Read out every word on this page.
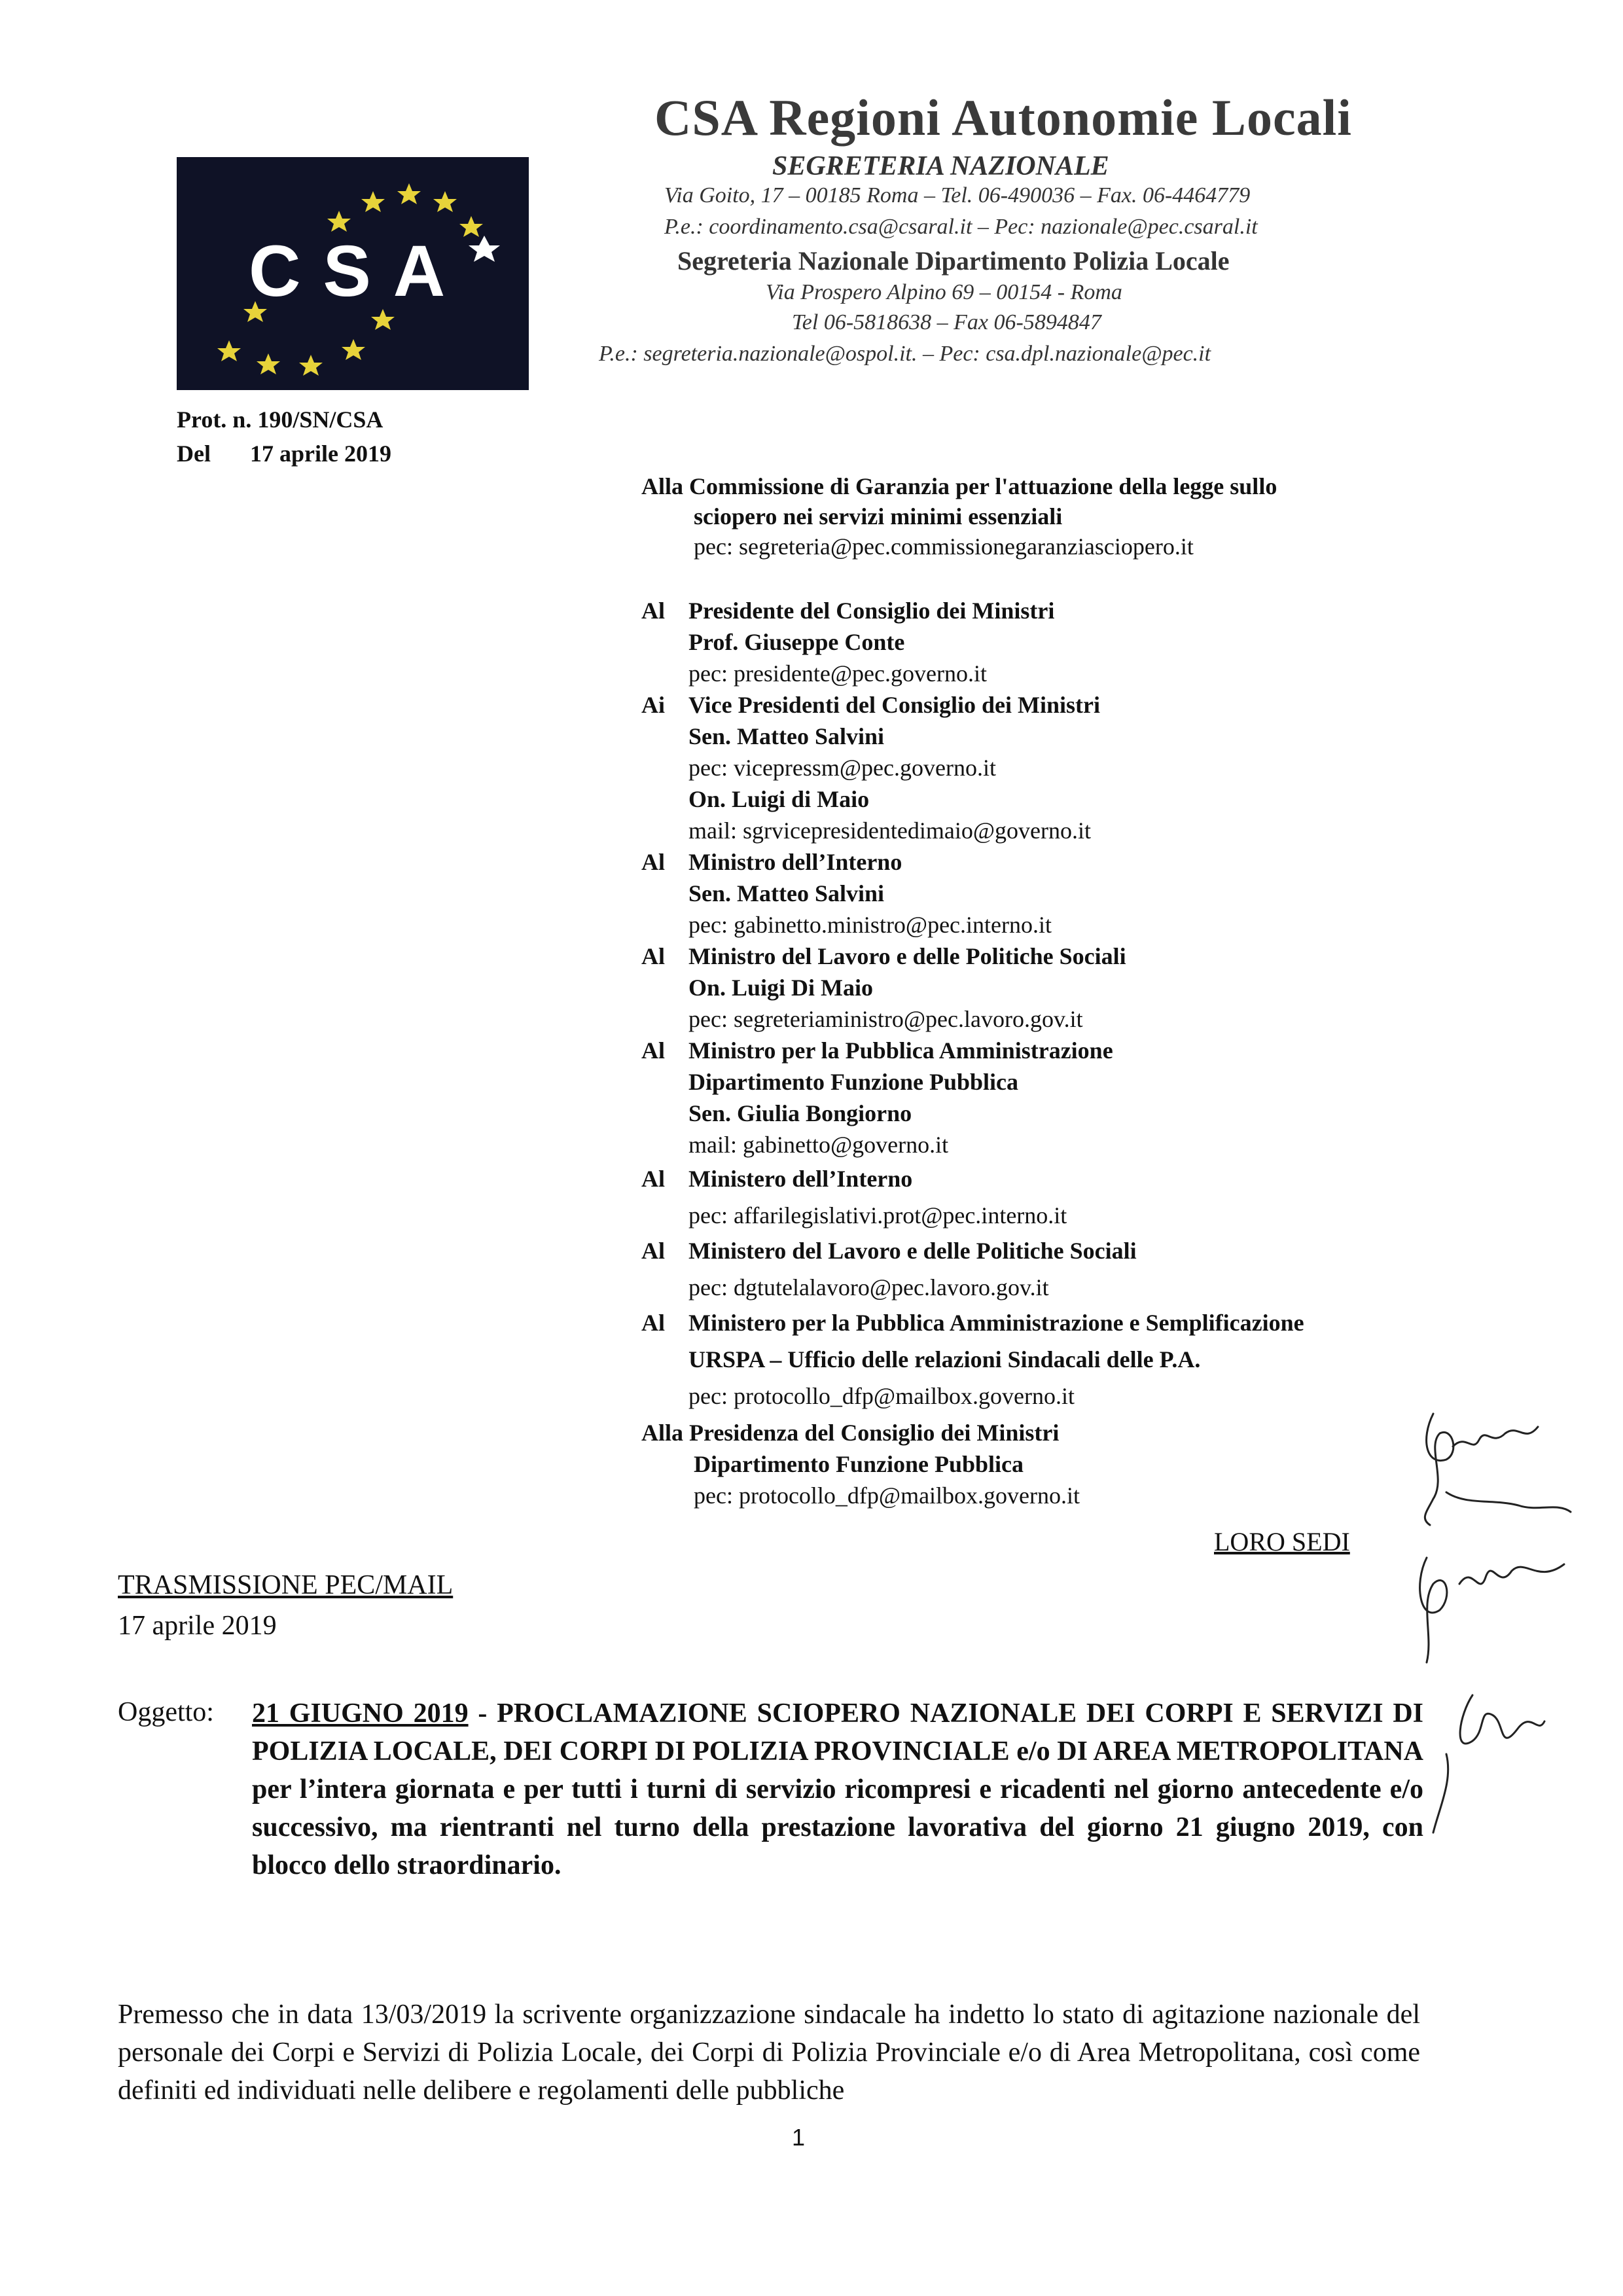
CSA
CSA Regioni Autonomie Locali
SEGRETERIA NAZIONALE
Via Goito, 17 – 00185 Roma – Tel. 06-490036 – Fax. 06-4464779
P.e.: coordinamento.csa@csaral.it – Pec: nazionale@pec.csaral.it
Segreteria Nazionale Dipartimento Polizia Locale
Via Prospero Alpino 69 – 00154 - Roma
Tel 06-5818638 – Fax 06-5894847
P.e.: segreteria.nazionale@ospol.it. – Pec: csa.dpl.nazionale@pec.it
Prot. n. 190/SN/CSA
Del 17 aprile 2019
Alla Commissione di Garanzia per l'attuazione della legge sullo
sciopero nei servizi minimi essenziali
pec: segreteria@pec.commissionegaranziasciopero.it
Al Presidente del Consiglio dei Ministri
Prof. Giuseppe Conte
pec: presidente@pec.governo.it
Ai Vice Presidenti del Consiglio dei Ministri
Sen. Matteo Salvini
pec: vicepressm@pec.governo.it
On. Luigi di Maio
mail: sgrvicepresidentedimaio@governo.it
Al Ministro dell’Interno
Sen. Matteo Salvini
pec: gabinetto.ministro@pec.interno.it
Al Ministro del Lavoro e delle Politiche Sociali
On. Luigi Di Maio
pec: segreteriaministro@pec.lavoro.gov.it
Al Ministro per la Pubblica Amministrazione
Dipartimento Funzione Pubblica
Sen. Giulia Bongiorno
mail: gabinetto@governo.it
Al Ministero dell’Interno
pec: affarilegislativi.prot@pec.interno.it
Al Ministero del Lavoro e delle Politiche Sociali
pec: dgtutelalavoro@pec.lavoro.gov.it
Al Ministero per la Pubblica Amministrazione e Semplificazione
URSPA – Ufficio delle relazioni Sindacali delle P.A.
pec: protocollo_dfp@mailbox.governo.it
Alla Presidenza del Consiglio dei Ministri
Dipartimento Funzione Pubblica
pec: protocollo_dfp@mailbox.governo.it
LORO SEDI
TRASMISSIONE PEC/MAIL
17 aprile 2019
Oggetto: 21 GIUGNO 2019 - PROCLAMAZIONE SCIOPERO NAZIONALE DEI CORPI E SERVIZI DI POLIZIA LOCALE, DEI CORPI DI POLIZIA PROVINCIALE e/o DI AREA METROPOLITANA per l’intera giornata e per tutti i turni di servizio ricompresi e ricadenti nel giorno antecedente e/o successivo, ma rientranti nel turno della prestazione lavorativa del giorno 21 giugno 2019, con blocco dello straordinario.
Premesso che in data 13/03/2019 la scrivente organizzazione sindacale ha indetto lo stato di agitazione nazionale del personale dei Corpi e Servizi di Polizia Locale, dei Corpi di Polizia Provinciale e/o di Area Metropolitana, così come definiti ed individuati nelle delibere e regolamenti delle pubbliche
1
